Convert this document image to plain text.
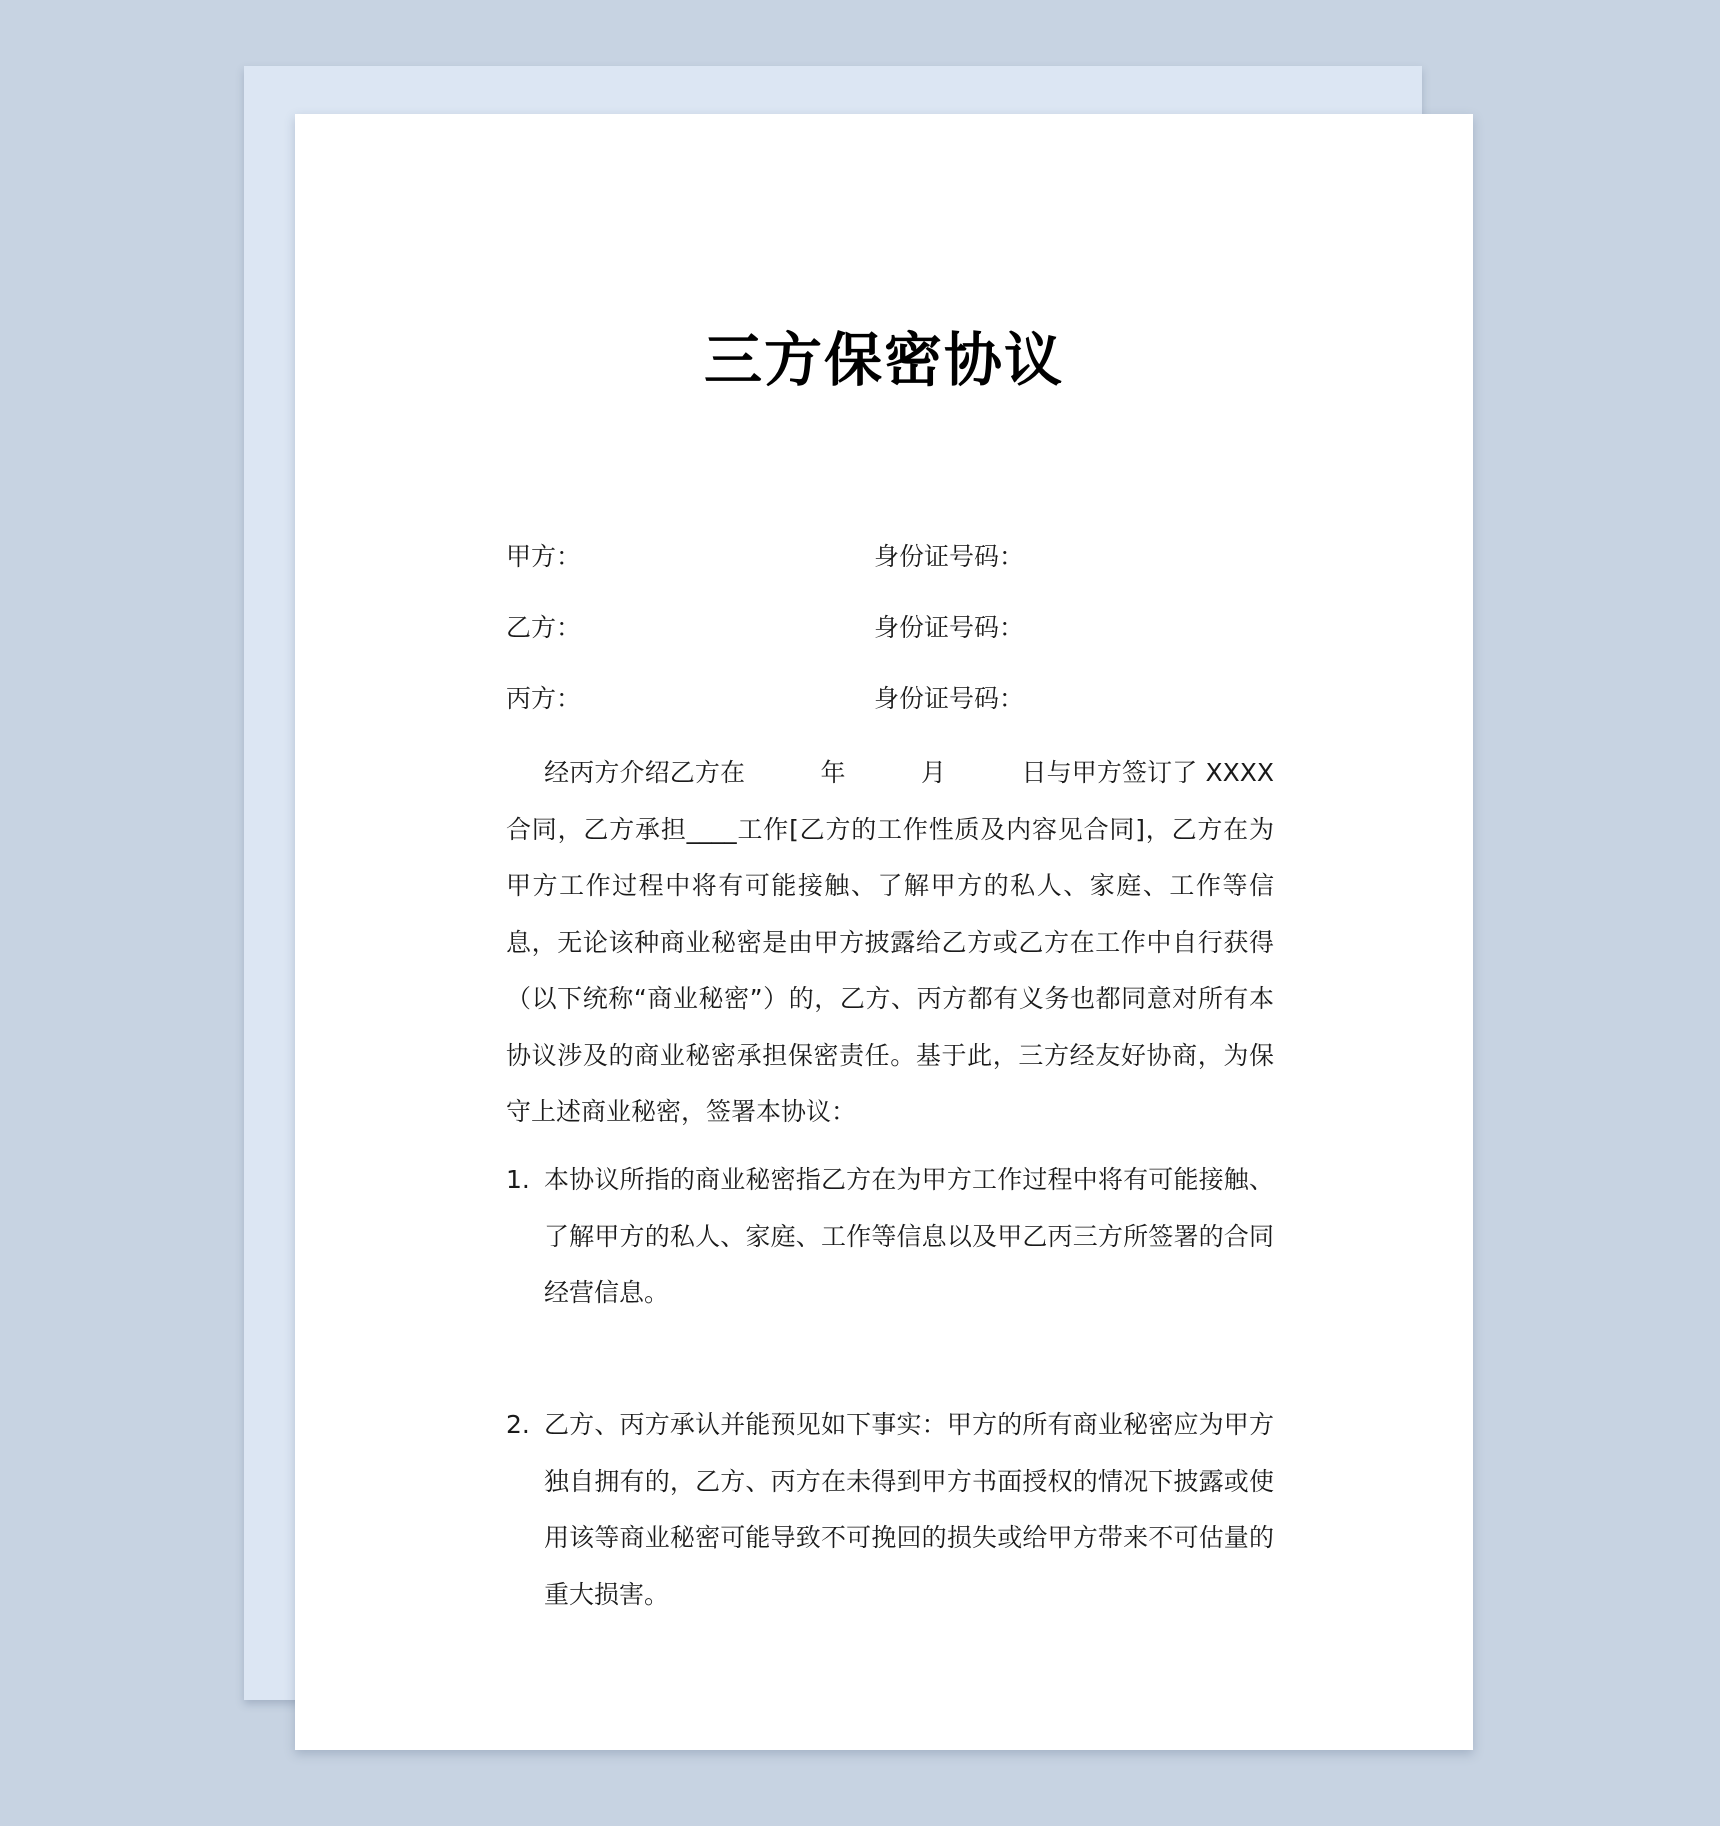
三方保密协议
甲方：	身份证号码：
乙方：	身份证号码：
丙方：	身份证号码：
经丙方介绍乙方在　　　年　　　月　　　日与甲方签订了 XXXX 合同，乙方承担____工作[乙方的工作性质及内容见合同]，乙方在为甲方工作过程中将有可能接触、了解甲方的私人、家庭、工作等信息，无论该种商业秘密是由甲方披露给乙方或乙方在工作中自行获得（以下统称“商业秘密”）的，乙方、丙方都有义务也都同意对所有本协议涉及的商业秘密承担保密责任。基于此，三方经友好协商，为保守上述商业秘密，签署本协议：
1. 本协议所指的商业秘密指乙方在为甲方工作过程中将有可能接触、了解甲方的私人、家庭、工作等信息以及甲乙丙三方所签署的合同经营信息。
2. 乙方、丙方承认并能预见如下事实：甲方的所有商业秘密应为甲方独自拥有的，乙方、丙方在未得到甲方书面授权的情况下披露或使用该等商业秘密可能导致不可挽回的损失或给甲方带来不可估量的重大损害。
